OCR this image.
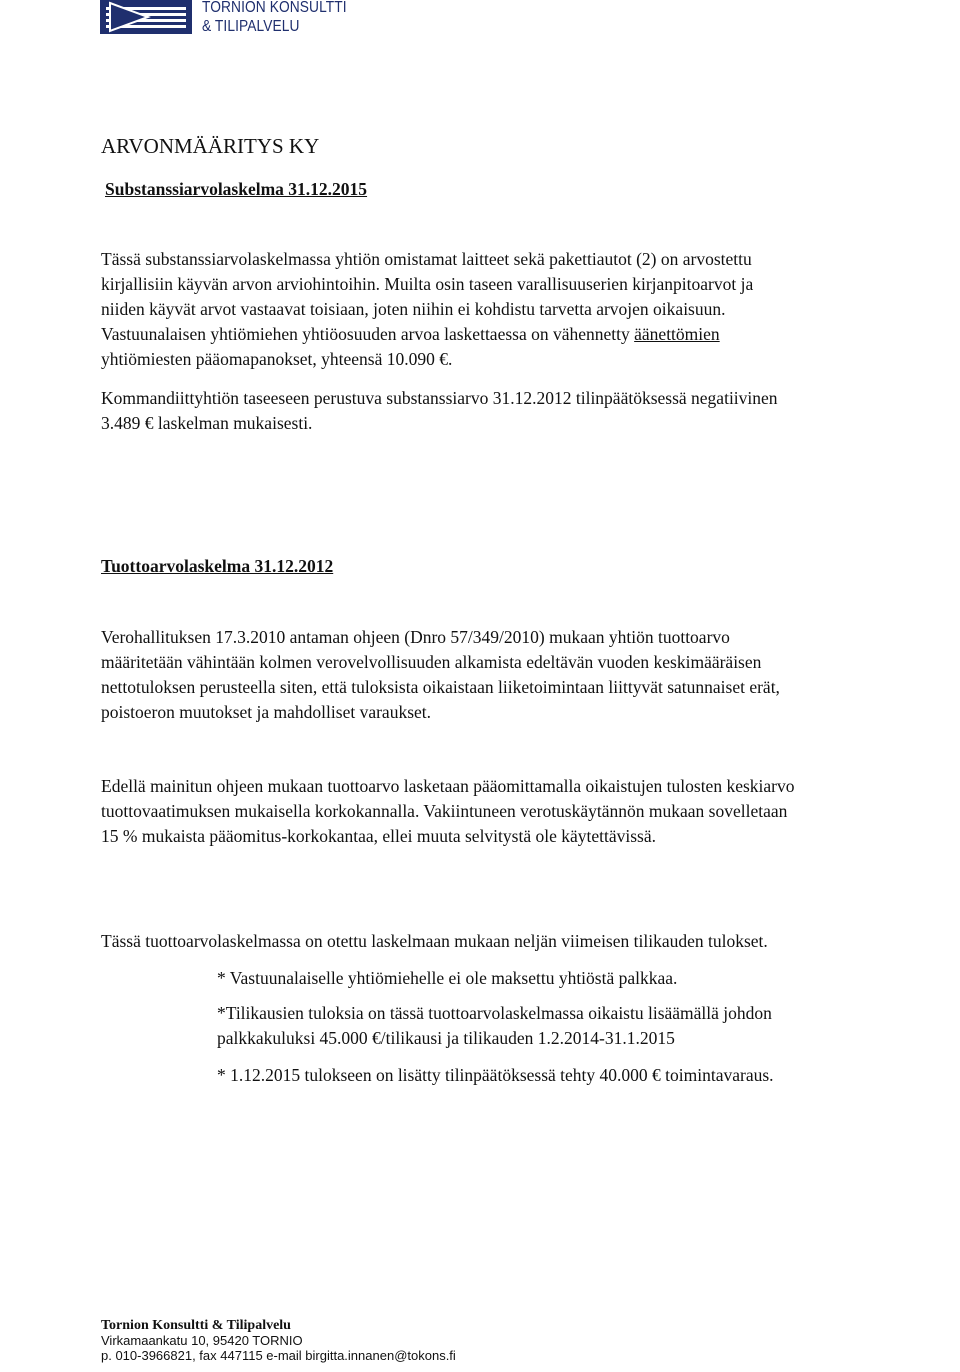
TORNION KONSULTTI
& TILIPALVELU
ARVONMÄÄRITYS KY
Substanssiarvolaskelma 31.12.2015
Tässä substanssiarvolaskelmassa yhtiön omistamat laitteet sekä pakettiautot (2) on arvostettu
kirjallisiin käyvän arvon arviohintoihin. Muilta osin taseen varallisuuserien kirjanpitoarvot ja
niiden käyvät arvot vastaavat toisiaan, joten niihin ei kohdistu tarvetta arvojen oikaisuun.
Vastuunalaisen yhtiömiehen yhtiöosuuden arvoa laskettaessa on vähennetty äänettömien
yhtiömiesten pääomapanokset, yhteensä 10.090 €.
Kommandiittyhtiön taseeseen perustuva substanssiarvo 31.12.2012 tilinpäätöksessä negatiivinen
3.489 € laskelman mukaisesti.
Tuottoarvolaskelma 31.12.2012
Verohallituksen 17.3.2010 antaman ohjeen (Dnro 57/349/2010) mukaan yhtiön tuottoarvo
määritetään vähintään kolmen verovelvollisuuden alkamista edeltävän vuoden keskimääräisen
nettotuloksen perusteella siten, että tuloksista oikaistaan liiketoimintaan liittyvät satunnaiset erät,
poistoeron muutokset ja mahdolliset varaukset.
Edellä mainitun ohjeen mukaan tuottoarvo lasketaan pääomittamalla oikaistujen tulosten keskiarvo
tuottovaatimuksen mukaisella korkokannalla. Vakiintuneen verotuskäytännön mukaan sovelletaan
15 % mukaista pääomitus-korkokantaa, ellei muuta selvitystä ole käytettävissä.
Tässä tuottoarvolaskelmassa on otettu laskelmaan mukaan neljän viimeisen tilikauden tulokset.
* Vastuunalaiselle yhtiömiehelle ei ole maksettu yhtiöstä palkkaa.
*Tilikausien tuloksia on tässä tuottoarvolaskelmassa oikaistu lisäämällä johdon
palkkakuluksi 45.000 €/tilikausi ja tilikauden 1.2.2014-31.1.2015
* 1.12.2015 tulokseen on lisätty tilinpäätöksessä tehty 40.000 € toimintavaraus.
Tornion Konsultti & Tilipalvelu
Virkamaankatu 10, 95420 TORNIO
p. 010-3966821, fax 447115 e-mail birgitta.innanen@tokons.fi
